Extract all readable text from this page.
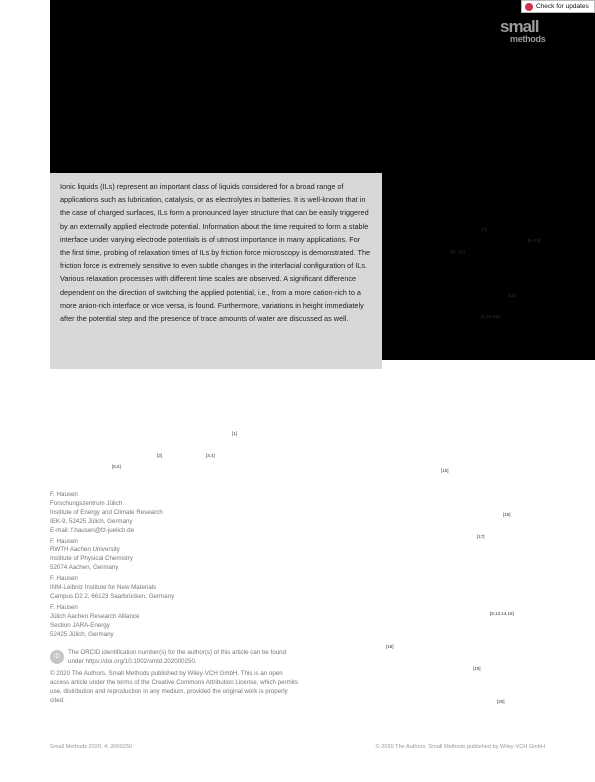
Check for updates
small
methods

Ionic liquids (ILs) represent an important class of liquids considered for a broad range of applications such as lubrication, catalysis, or as electrolytes in batteries. It is well-known that in the case of charged surfaces, ILs form a pronounced layer structure that can be easily triggered by an externally applied electrode potential. Information about the time required to form a stable interface under varying electrode potentials is of utmost importance in many applications. For the first time, probing of relaxation times of ILs by friction force microscopy is demonstrated. The friction force is extremely sensitive to even subtle changes in the interfacial configuration of ILs. Various relaxation processes with different time scales are observed. A significant difference dependent on the direction of switching the applied potential, i.e., from a more cation-rich to a more anion-rich interface or vice versa, is found. Furthermore, variations in height immediately after the potential step and the presence of trace amounts of water are discussed as well.

[7]
[8–10]
[11, 12]
[14]
[4,16–18]
[1]
[5,6]
[3]	[3,4]
[15]
[16]
[17]
[8,13,14,18]
[18]
[19]
[20]
F. Hausen
Forschungszentrum Jülich
Institute of Energy and Climate Research
IEK-9, 52425 Jülich, Germany
E-mail: f.hausen@fz-juelich.de
F. Hausen
RWTH Aachen University
Institute of Physical Chemistry
52074 Aachen, Germany
F. Hausen
INM-Leibniz Institute for New Materials
Campus D2 2, 66123 Saarbrücken, Germany
F. Hausen
Jülich Aachen Research Alliance
Section JARA-Energy
52425 Jülich, Germany
iD
The ORCID identification number(s) for the author(s) of this article can be found under https://doi.org/10.1002/smtd.202000250.
© 2020 The Authors. Small Methods published by Wiley-VCH GmbH. This is an open access article under the terms of the Creative Commons Attribution License, which permits use, distribution and reproduction in any medium, provided the original work is properly cited.
Small Methods 2020, 4, 2000250	© 2020 The Authors. Small Methods published by Wiley-VCH GmbH
